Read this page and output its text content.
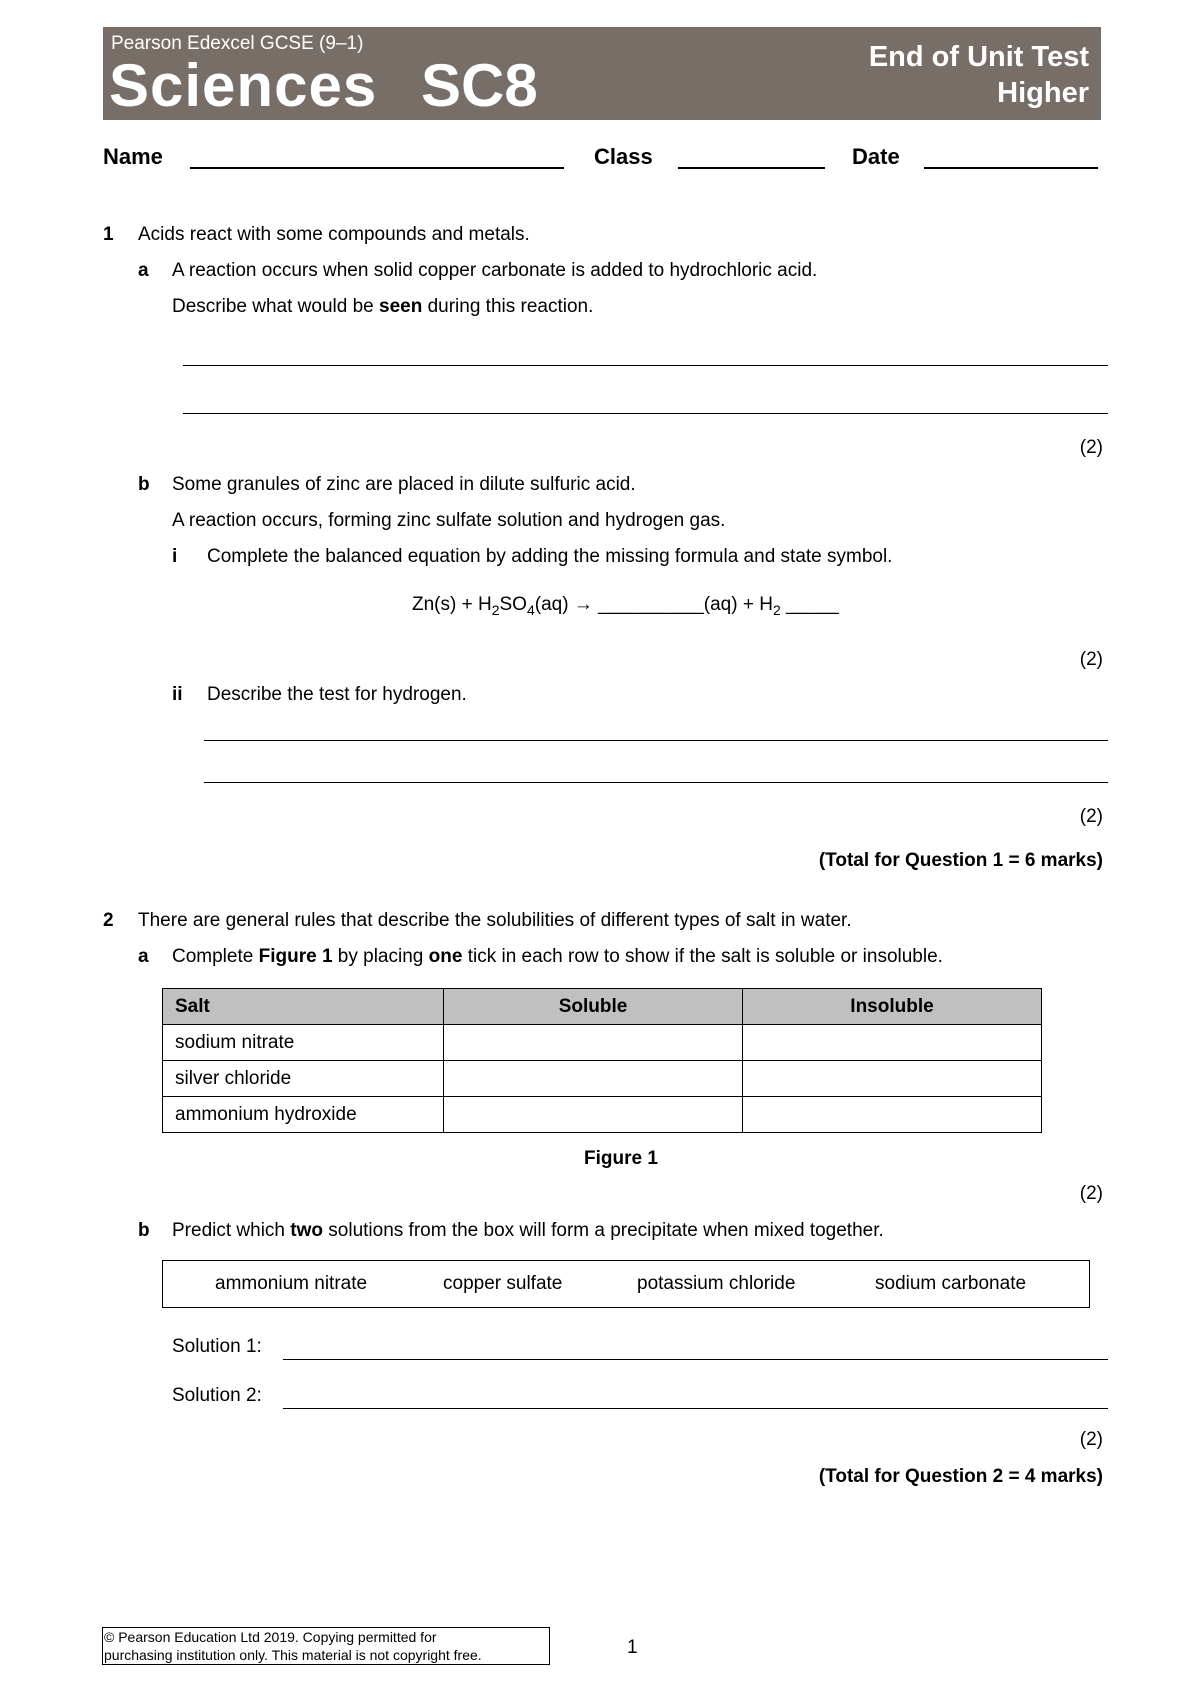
Pearson Edexcel GCSE (9–1)
Sciences SC8	End of Unit Test
Higher
Name	Class	Date
1 Acids react with some compounds and metals.
a A reaction occurs when solid copper carbonate is added to hydrochloric acid.
Describe what would be seen during this reaction.
(2)
b Some granules of zinc are placed in dilute sulfuric acid.
A reaction occurs, forming zinc sulfate solution and hydrogen gas.
i Complete the balanced equation by adding the missing formula and state symbol.
$Zn(s) + H_2SO_4(aq)$ → __________(aq) + $H_2$ _____
(2)
ii Describe the test for hydrogen.
(2)
(Total for Question 1 = 6 marks)
2 There are general rules that describe the solubilities of different types of salt in water.
a Complete Figure 1 by placing one tick in each row to show if the salt is soluble or insoluble.
Salt	Soluble	Insoluble
sodium nitrate		
silver chloride		
ammonium hydroxide		
Figure 1
(2)
b Predict which two solutions from the box will form a precipitate when mixed together.
ammonium nitrate	copper sulfate	potassium chloride	sodium carbonate
Solution 1:
Solution 2:
(2)
(Total for Question 2 = 4 marks)
© Pearson Education Ltd 2019. Copying permitted for
purchasing institution only. This material is not copyright free.	1
